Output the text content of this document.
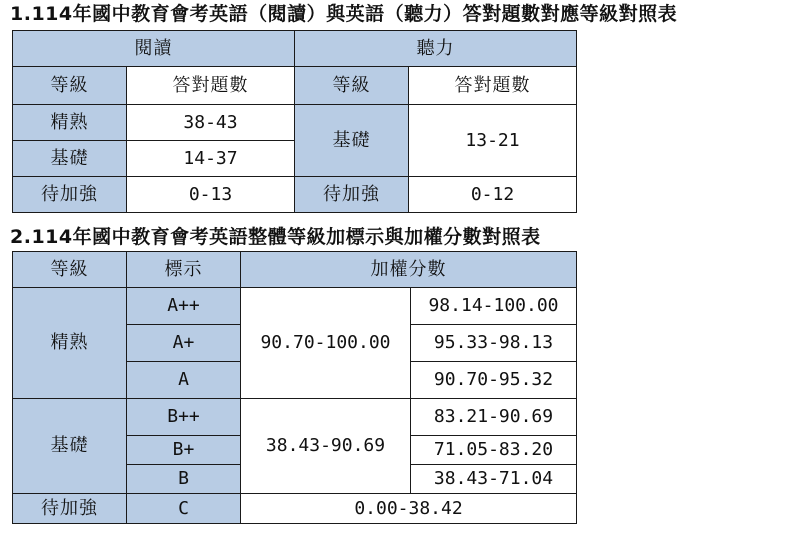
1.114年國中教育會考英語（閱讀）與英語（聽力）答對題數對應等級對照表
閱讀		聽力	
等級	答對題數	等級	答對題數
精熟	38-43	基礎	13-21
基礎	14-37		
待加強	0-13	待加強	0-12
2.114年國中教育會考英語整體等級加標示與加權分數對照表
等級	標示	加權分數	
精熟	A++	90.70-100.00	98.14-100.00
	A+		95.33-98.13
	A		90.70-95.32
基礎	B++	38.43-90.69	83.21-90.69
	B+		71.05-83.20
	B		38.43-71.04
待加強	C	0.00-38.42	
